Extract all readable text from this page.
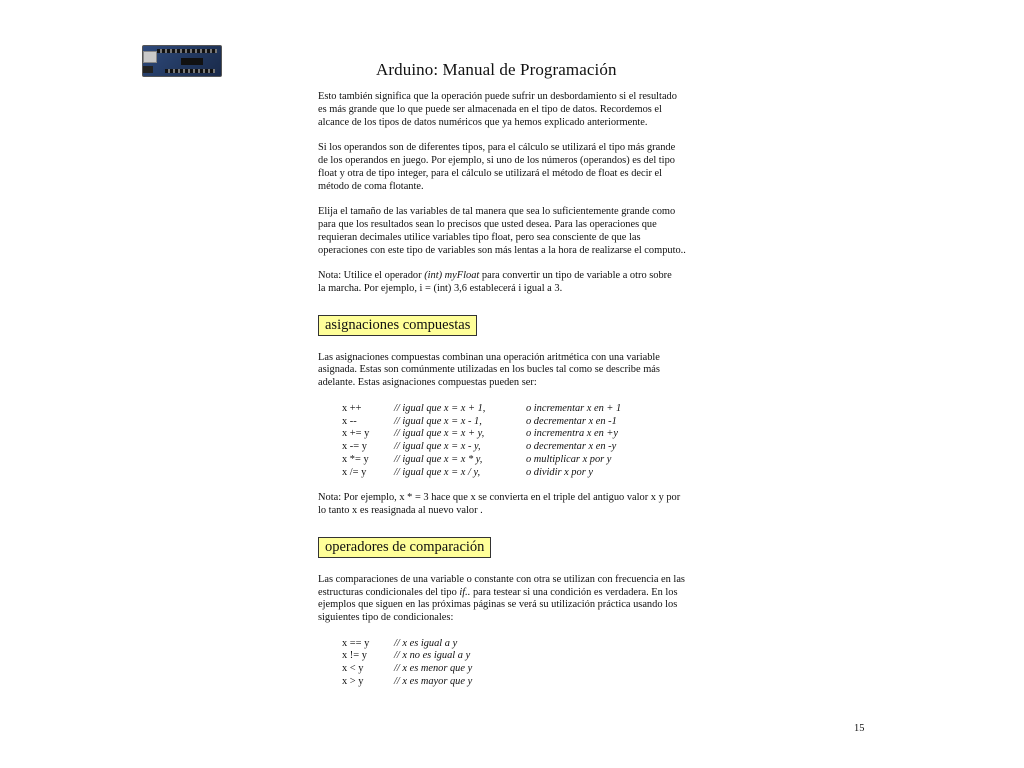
Arduino: Manual de Programación
Esto también significa que la operación puede sufrir un desbordamiento si el resultado
es más grande que lo que puede ser almacenada en el tipo de datos. Recordemos el
alcance de los tipos de datos numéricos que ya hemos explicado anteriormente.
Si los operandos son de diferentes tipos, para el cálculo se utilizará el tipo más grande
de los operandos en juego. Por ejemplo, si uno de los números (operandos) es del tipo
float y otra de tipo integer, para el cálculo se utilizará el método de float es decir el
método de coma flotante.
Elija el tamaño de las variables de tal manera que sea lo suficientemente grande como
para que los resultados sean lo precisos que usted desea. Para las operaciones que
requieran decimales utilice variables tipo float, pero sea consciente de que las
operaciones con este tipo de variables son más lentas a la hora de realizarse el computo..
Nota: Utilice el operador (int) myFloat para convertir un tipo de variable a otro sobre
la marcha. Por ejemplo, i = (int) 3,6 establecerá i igual a 3.
asignaciones compuestas
Las asignaciones compuestas combinan una operación aritmética con una variable
asignada. Estas son comúnmente utilizadas en los bucles tal como se describe más
adelante. Estas asignaciones compuestas pueden ser:
x ++	// igual que x = x + 1,	o incrementar x en + 1
x --	// igual que x = x - 1,	o decrementar x en -1
x += y	// igual que x = x + y,	o incrementra x en +y
x -= y	// igual que x = x - y,	o decrementar x en -y
x *= y	// igual que x = x * y,	o multiplicar x por y
x /= y	// igual que x = x / y,	o dividir x por y
Nota: Por ejemplo, x * = 3 hace que x se convierta en el triple del antiguo valor x y por
lo tanto x es reasignada al nuevo valor .
operadores de comparación
Las comparaciones de una variable o constante con otra se utilizan con frecuencia en las
estructuras condicionales del tipo if.. para testear si una condición es verdadera. En los
ejemplos que siguen en las próximas páginas se verá su utilización práctica usando los
siguientes tipo de condicionales:
x == y	// x es igual a y
x != y	// x no es igual a y
x < y	// x es menor que y
x > y	// x es mayor que y
15
